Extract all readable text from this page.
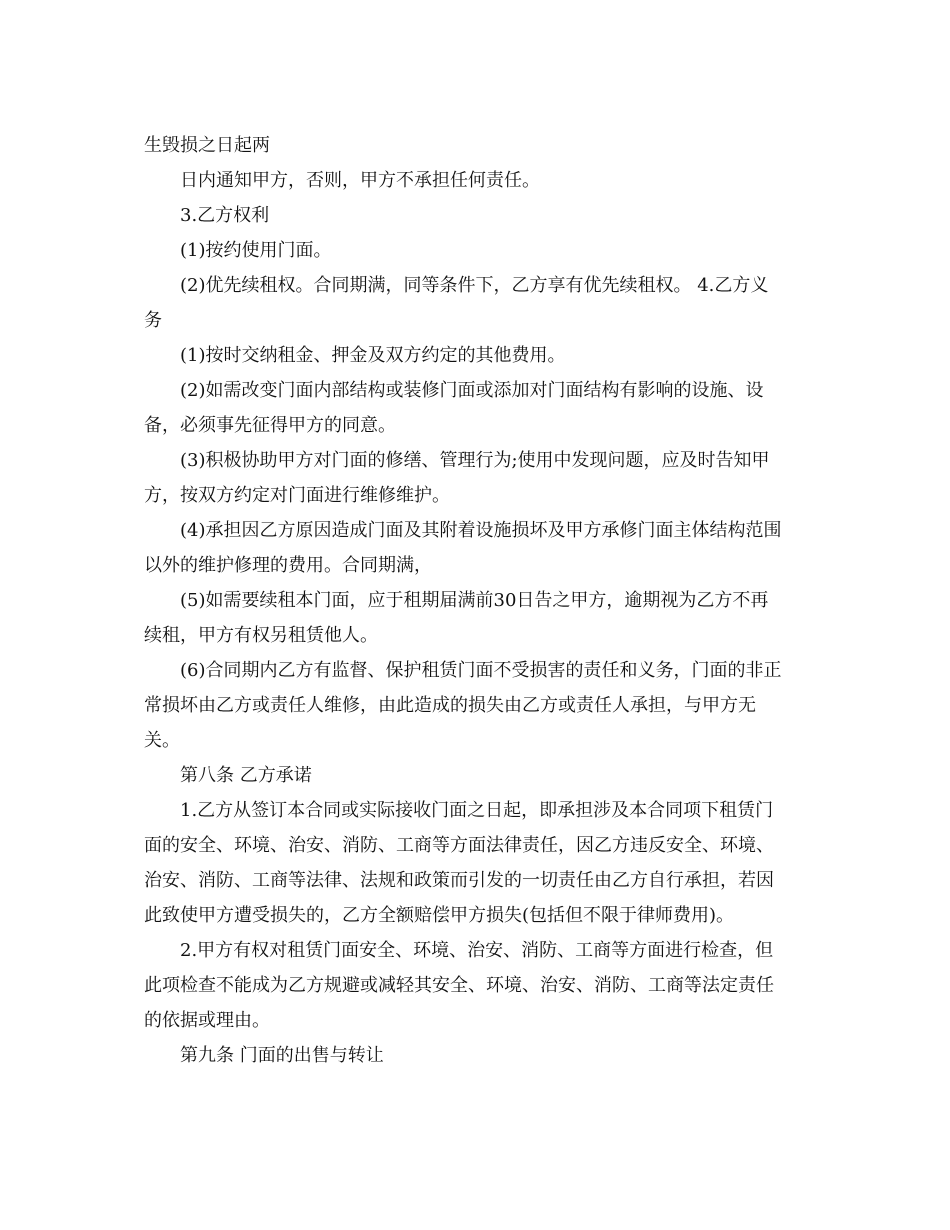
生毁损之日起两

日内通知甲方，否则，甲方不承担任何责任。

3.乙方权利

(1)按约使用门面。

(2)优先续租权。合同期满，同等条件下，乙方享有优先续租权。 4.乙方义

务

(1)按时交纳租金、押金及双方约定的其他费用。

(2)如需改变门面内部结构或装修门面或添加对门面结构有影响的设施、设

备，必须事先征得甲方的同意。

(3)积极协助甲方对门面的修缮、管理行为;使用中发现问题，应及时告知甲

方，按双方约定对门面进行维修维护。

(4)承担因乙方原因造成门面及其附着设施损坏及甲方承修门面主体结构范围

以外的维护修理的费用。合同期满，

(5)如需要续租本门面，应于租期届满前30日告之甲方，逾期视为乙方不再

续租，甲方有权另租赁他人。

(6)合同期内乙方有监督、保护租赁门面不受损害的责任和义务，门面的非正

常损坏由乙方或责任人维修，由此造成的损失由乙方或责任人承担，与甲方无

关。

第八条 乙方承诺

1.乙方从签订本合同或实际接收门面之日起，即承担涉及本合同项下租赁门

面的安全、环境、治安、消防、工商等方面法律责任，因乙方违反安全、环境、

治安、消防、工商等法律、法规和政策而引发的一切责任由乙方自行承担，若因

此致使甲方遭受损失的，乙方全额赔偿甲方损失(包括但不限于律师费用)。

2.甲方有权对租赁门面安全、环境、治安、消防、工商等方面进行检查，但

此项检查不能成为乙方规避或减轻其安全、环境、治安、消防、工商等法定责任

的依据或理由。

第九条 门面的出售与转让
